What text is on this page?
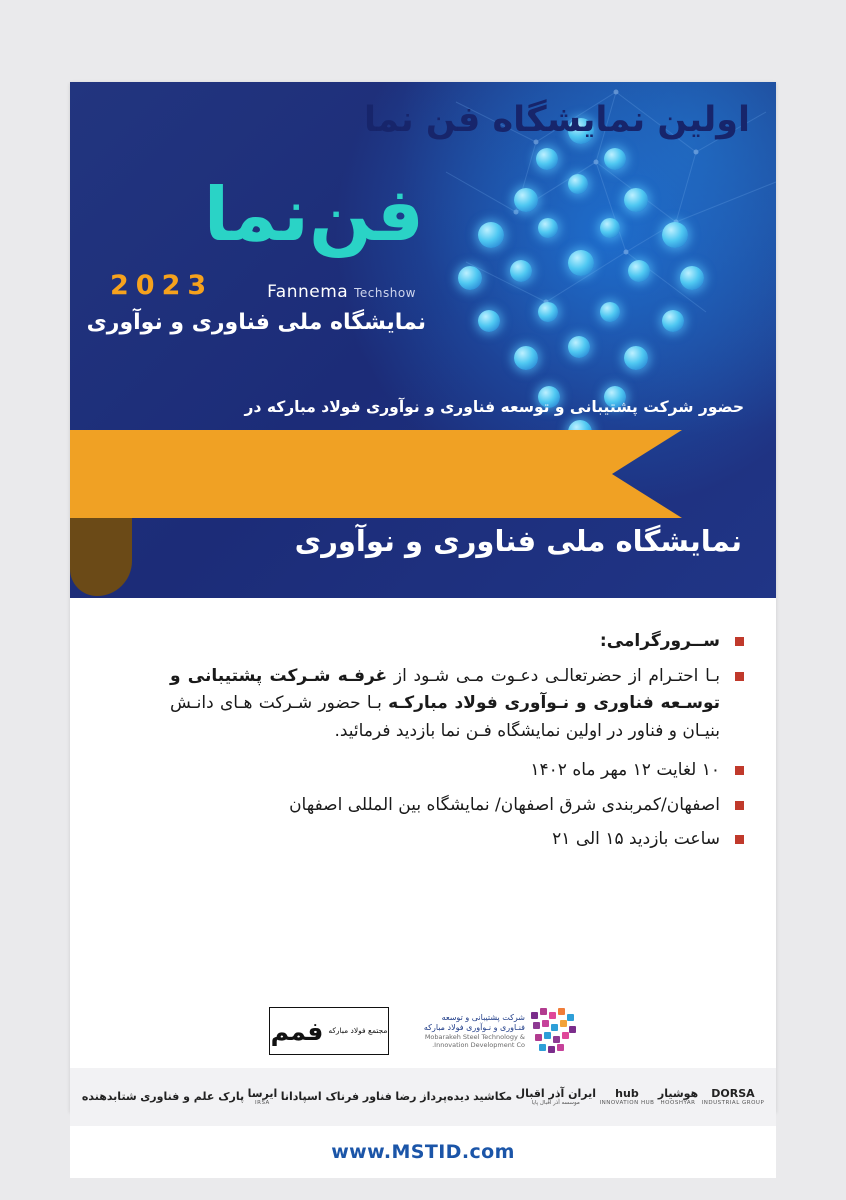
فن‌نما
2023	Fannema Techshow
نمایشگاه ملی فناوری و نوآوری
حضور شرکت پشتیبانی و توسعه فناوری و نوآوری فولاد مبارکه در
اولین نمایشگاه فن نما
نمایشگاه ملی فناوری و نوآوری
ســرورگرامی:
بـا احتـرام از حضرتعالـی دعـوت مـی شـود از غرفـه شـرکت پشتیبانی و توسـعه فناوری و نـوآوری فولاد مبارکـه بـا حضور شـرکت هـای دانـش بنیـان و فناور در اولین نمایشگاه فـن نما بازدید فرمائید.
۱۰ لغایت ۱۲ مهر ماه ۱۴۰۲
اصفهان/کمربندی شرق اصفهان/ نمایشگاه بین المللی اصفهان
ساعت بازدید ۱۵ الی ۲۱
شرکت پشتیبانی و توسعه فنـاوری و نـوآوری فولاد مبارکه
Mobarakeh Steel Technology & Innovation Development Co.
مجتمع فولاد مبارکه
فمم
DORSA
INDUSTRIAL GROUP
هوشیار
HOOSHYAR
hub
INNOVATION HUB
ایران آذر اقبال
موسسه آذر اقبال پایا
مکاشید
دیده‌پرداز رضا
فناور فرناک اسپادانا
ایرسا
IRSA
پارک علم و فناوری
شتابدهنده
www.MSTID.com
